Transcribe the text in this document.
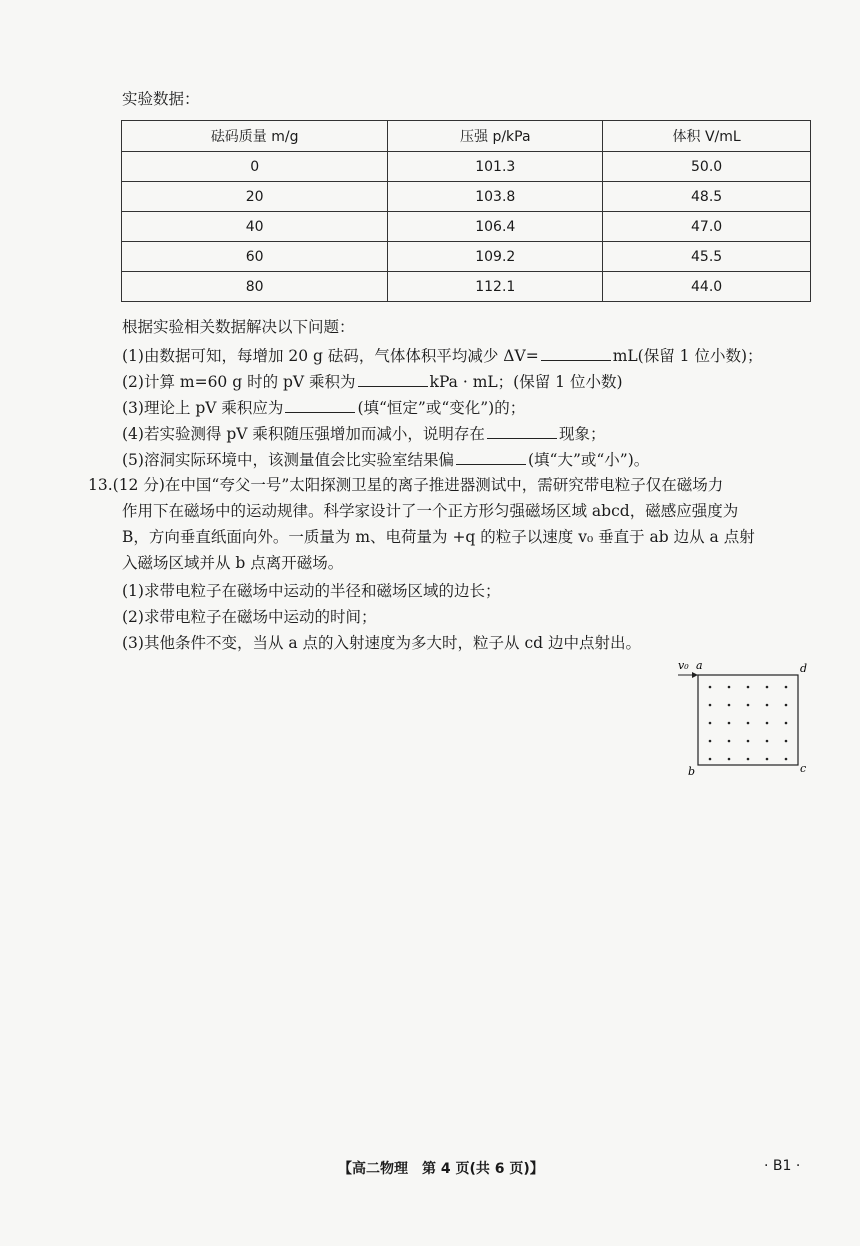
实验数据：
砝码质量 m/g	压强 p/kPa	体积 V/mL
0	101.3	50.0
20	103.8	48.5
40	106.4	47.0
60	109.2	45.5
80	112.1	44.0
根据实验相关数据解决以下问题：
(1)由数据可知，每增加 20 g 砝码，气体体积平均减少 ΔV=	mL(保留 1 位小数)；
(2)计算 m=60 g 时的 pV 乘积为	kPa · mL；(保留 1 位小数)
(3)理论上 pV 乘积应为	(填“恒定”或“变化”)的；
(4)若实验测得 pV 乘积随压强增加而减小，说明存在	现象；
(5)溶洞实际环境中，该测量值会比实验室结果偏	(填“大”或“小”)。
13.(12 分)在中国“夸父一号”太阳探测卫星的离子推进器测试中，需研究带电粒子仅在磁场力
作用下在磁场中的运动规律。科学家设计了一个正方形匀强磁场区域 abcd，磁感应强度为
B，方向垂直纸面向外。一质量为 m、电荷量为 +q 的粒子以速度 v₀ 垂直于 ab 边从 a 点射
入磁场区域并从 b 点离开磁场。
(1)求带电粒子在磁场中运动的半径和磁场区域的边长；
(2)求带电粒子在磁场中运动的时间；
(3)其他条件不变，当从 a 点的入射速度为多大时，粒子从 cd 边中点射出。
v₀ a	d
b	c
【高二物理　第 4 页(共 6 页)】	· B1 ·
